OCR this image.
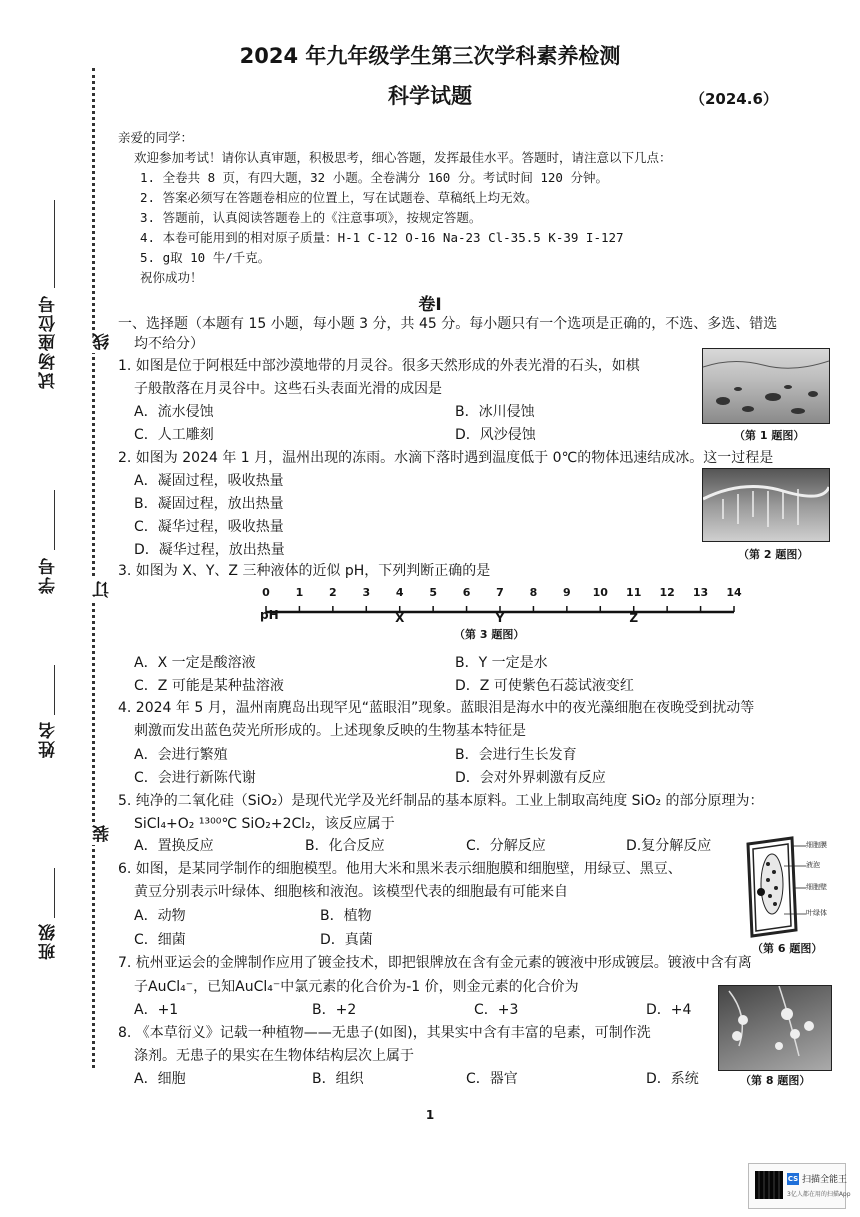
试场座位号
学号
姓名
班级
线
订
装
2024 年九年级学生第三次学科素养检测
科学试题	（2024.6）
亲爱的同学：
欢迎参加考试！请你认真审题，积极思考，细心答题，发挥最佳水平。答题时，请注意以下几点：
1. 全卷共 8 页，有四大题，32 小题。全卷满分 160 分。考试时间 120 分钟。
2. 答案必须写在答题卷相应的位置上，写在试题卷、草稿纸上均无效。
3. 答题前，认真阅读答题卷上的《注意事项》，按规定答题。
4. 本卷可能用到的相对原子质量：H-1 C-12 O-16 Na-23 Cl-35.5 K-39 I-127
5. g取 10 牛/千克。
祝你成功！
卷I
一、选择题（本题有 15 小题，每小题 3 分，共 45 分。每小题只有一个选项是正确的，不选、多选、错选
均不给分）
1. 如图是位于阿根廷中部沙漠地带的月灵谷。很多天然形成的外表光滑的石头，如棋
子般散落在月灵谷中。这些石头表面光滑的成因是
A．流水侵蚀	B．冰川侵蚀
C．人工雕刻	D．风沙侵蚀	（第 1 题图）
2. 如图为 2024 年 1 月，温州出现的冻雨。水滴下落时遇到温度低于 0℃的物体迅速结成冰。这一过程是
A．凝固过程，吸收热量
B．凝固过程，放出热量
C．凝华过程，吸收热量
D．凝华过程，放出热量	（第 2 题图）
3. 如图为 X、Y、Z 三种液体的近似 pH，下列判断正确的是
0 1 2 3 4 5 6 7 8 9 10 11 12 13 14
pH	X	Y	Z
（第 3 题图）
A．X 一定是酸溶液	B．Y 一定是水
C．Z 可能是某种盐溶液	D．Z 可使紫色石蕊试液变红
4. 2024 年 5 月，温州南麂岛出现罕见“蓝眼泪”现象。蓝眼泪是海水中的夜光藻细胞在夜晚受到扰动等
刺激而发出蓝色荧光所形成的。上述现象反映的生物基本特征是
A．会进行繁殖	B．会进行生长发育
C．会进行新陈代谢	D．会对外界刺激有反应
5. 纯净的二氧化硅（SiO₂）是现代光学及光纤制品的基本原料。工业上制取高纯度 SiO₂ 的部分原理为：
SiCl₄+O₂ ¹³⁰⁰℃ SiO₂+2Cl₂，该反应属于
A．置换反应	B．化合反应	C．分解反应	D.复分解反应
6. 如图，是某同学制作的细胞模型。他用大米和黑米表示细胞膜和细胞壁，用绿豆、黑豆、
黄豆分别表示叶绿体、细胞核和液泡。该模型代表的细胞最有可能来自
A．动物	B．植物
C．细菌	D．真菌
细胞膜
液泡
细胞壁
叶绿体
（第 6 题图）
7. 杭州亚运会的金牌制作应用了镀金技术，即把银牌放在含有金元素的镀液中形成镀层。镀液中含有离
子AuCl₄⁻，已知AuCl₄⁻中氯元素的化合价为-1 价，则金元素的化合价为
A．+1	B．+2	C．+3	D．+4
8. 《本草衍义》记载一种植物——无患子(如图)，其果实中含有丰富的皂素，可制作洗
涤剂。无患子的果实在生物体结构层次上属于
A．细胞	B．组织	C．器官	D．系统	（第 8 题图）
1
CS 扫描全能王
3亿人都在用的扫描App
